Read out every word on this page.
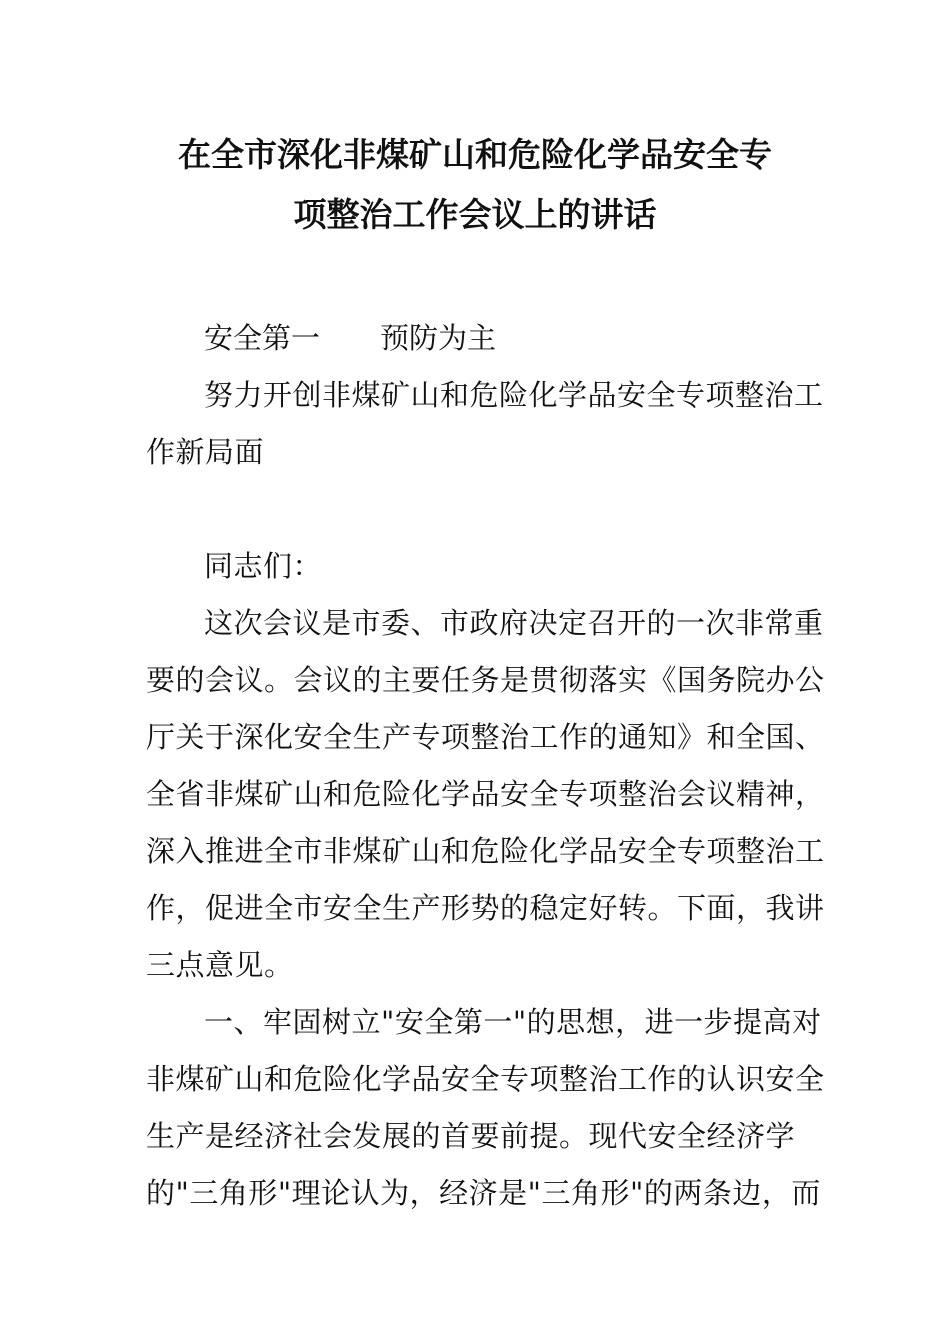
在全市深化非煤矿山和危险化学品安全专
项整治工作会议上的讲话
安全第一 预防为主
努力开创非煤矿山和危险化学品安全专项整治工
作新局面
同志们：
这次会议是市委、市政府决定召开的一次非常重
要的会议。会议的主要任务是贯彻落实《国务院办公
厅关于深化安全生产专项整治工作的通知》和全国、
全省非煤矿山和危险化学品安全专项整治会议精神，
深入推进全市非煤矿山和危险化学品安全专项整治工
作，促进全市安全生产形势的稳定好转。下面，我讲
三点意见。
一、牢固树立"安全第一"的思想，进一步提高对
非煤矿山和危险化学品安全专项整治工作的认识安全
生产是经济社会发展的首要前提。现代安全经济学
的"三角形"理论认为，经济是"三角形"的两条边，而
